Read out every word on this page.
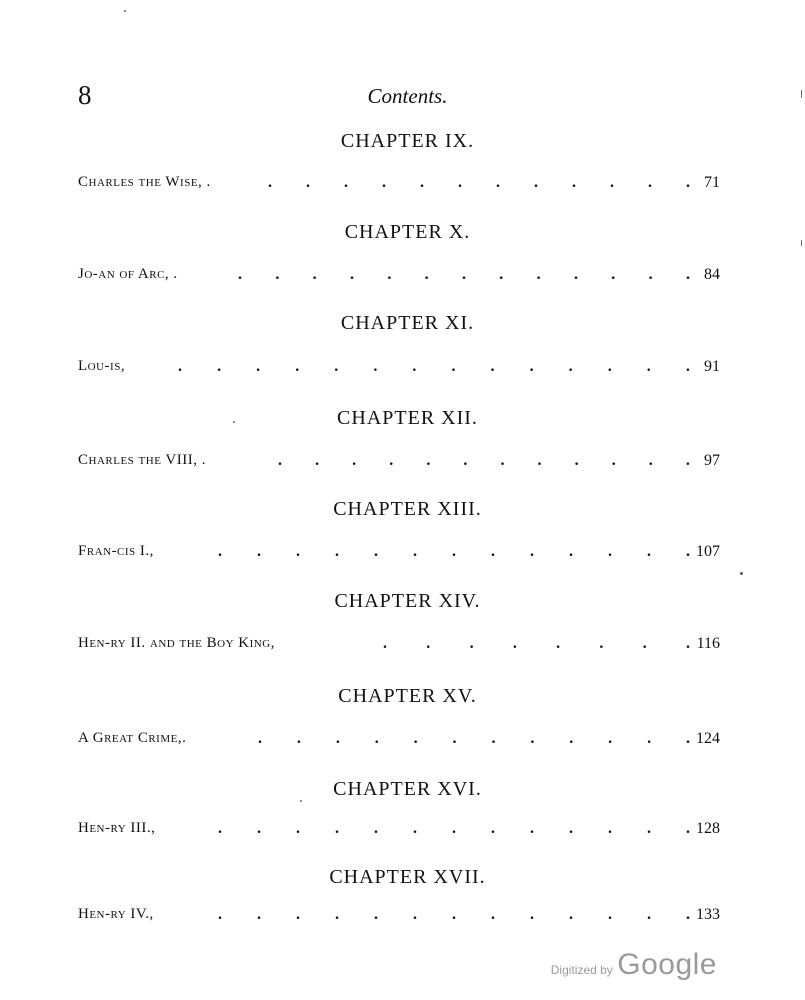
8	Contents.
CHAPTER IX.
. . . . . . . . . . . .
Charles the Wise, .	71
CHAPTER X.
. . . . . . . . . . . . .
Jo-an of Arc, .	84
CHAPTER XI.
. . . . . . . . . . . . . .
Lou-is,	91
CHAPTER XII.
. . . . . . . . . . . .
Charles the VIII, .	97
CHAPTER XIII.
. . . . . . . . . . . . .
Fran-cis I.,	107
CHAPTER XIV.
. . . . . . . .
Hen-ry II. and the Boy King,	116
CHAPTER XV.
. . . . . . . . . . . .
A Great Crime,.	124
CHAPTER XVI.
. . . . . . . . . . . . .
Hen-ry III.,	128
CHAPTER XVII.
. . . . . . . . . . . . .
Hen-ry IV.,	133
Digitized by Google
